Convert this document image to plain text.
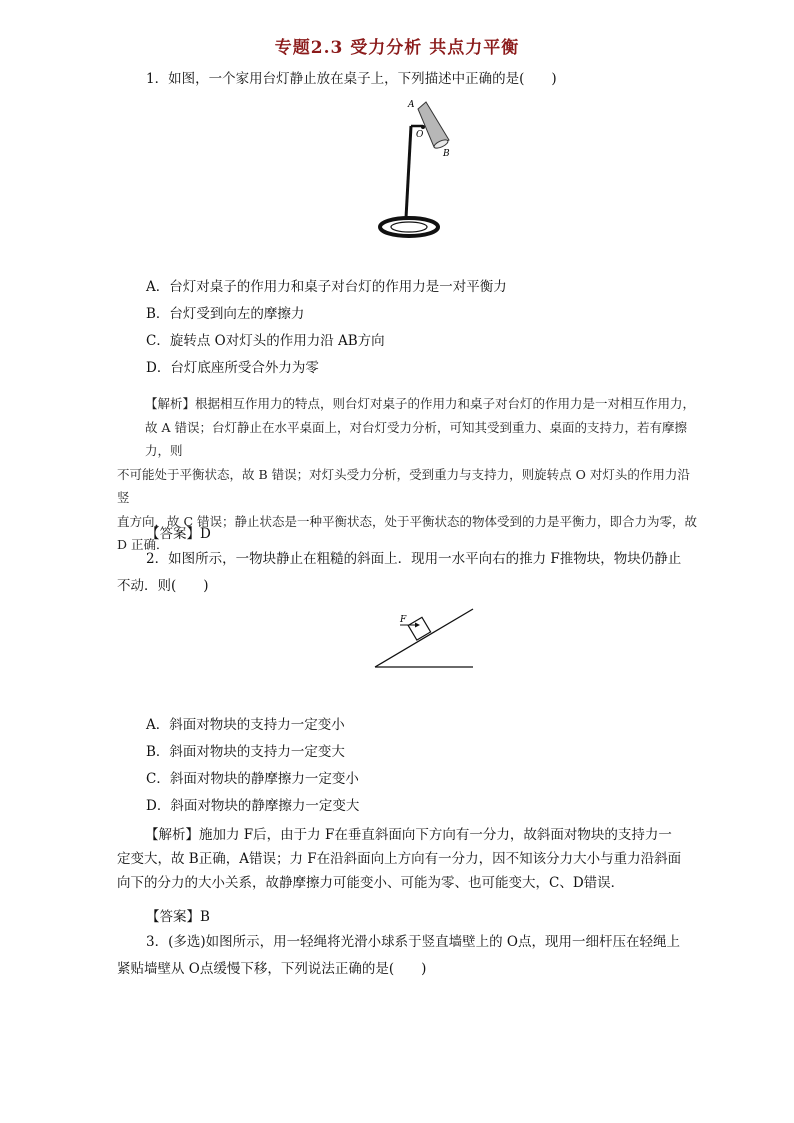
专题2.3 受力分析 共点力平衡
1．如图，一个家用台灯静止放在桌子上，下列描述中正确的是(　　)
A
O
B
A．台灯对桌子的作用力和桌子对台灯的作用力是一对平衡力
B．台灯受到向左的摩擦力
C．旋转点 O对灯头的作用力沿 AB方向
D．台灯底座所受合外力为零
【解析】根据相互作用力的特点，则台灯对桌子的作用力和桌子对台灯的作用力是一对相互作用力，
故 A 错误；台灯静止在水平桌面上，对台灯受力分析，可知其受到重力、桌面的支持力，若有摩擦力，则
不可能处于平衡状态，故 B 错误；对灯头受力分析，受到重力与支持力，则旋转点 O 对灯头的作用力沿竖
直方向，故 C 错误；静止状态是一种平衡状态，处于平衡状态的物体受到的力是平衡力，即合力为零，故
D 正确．
【答案】D
2．如图所示，一物块静止在粗糙的斜面上．现用一水平向右的推力 F推物块，物块仍静止
不动．则(　　)
F
A．斜面对物块的支持力一定变小
B．斜面对物块的支持力一定变大
C．斜面对物块的静摩擦力一定变小
D．斜面对物块的静摩擦力一定变大
【解析】施加力 F后，由于力 F在垂直斜面向下方向有一分力，故斜面对物块的支持力一
定变大，故 B正确，A错误；力 F在沿斜面向上方向有一分力，因不知该分力大小与重力沿斜面
向下的分力的大小关系，故静摩擦力可能变小、可能为零、也可能变大，C、D错误．
【答案】B
3．(多选)如图所示，用一轻绳将光滑小球系于竖直墙壁上的 O点，现用一细杆压在轻绳上
紧贴墙壁从 O点缓慢下移，下列说法正确的是(　　)
